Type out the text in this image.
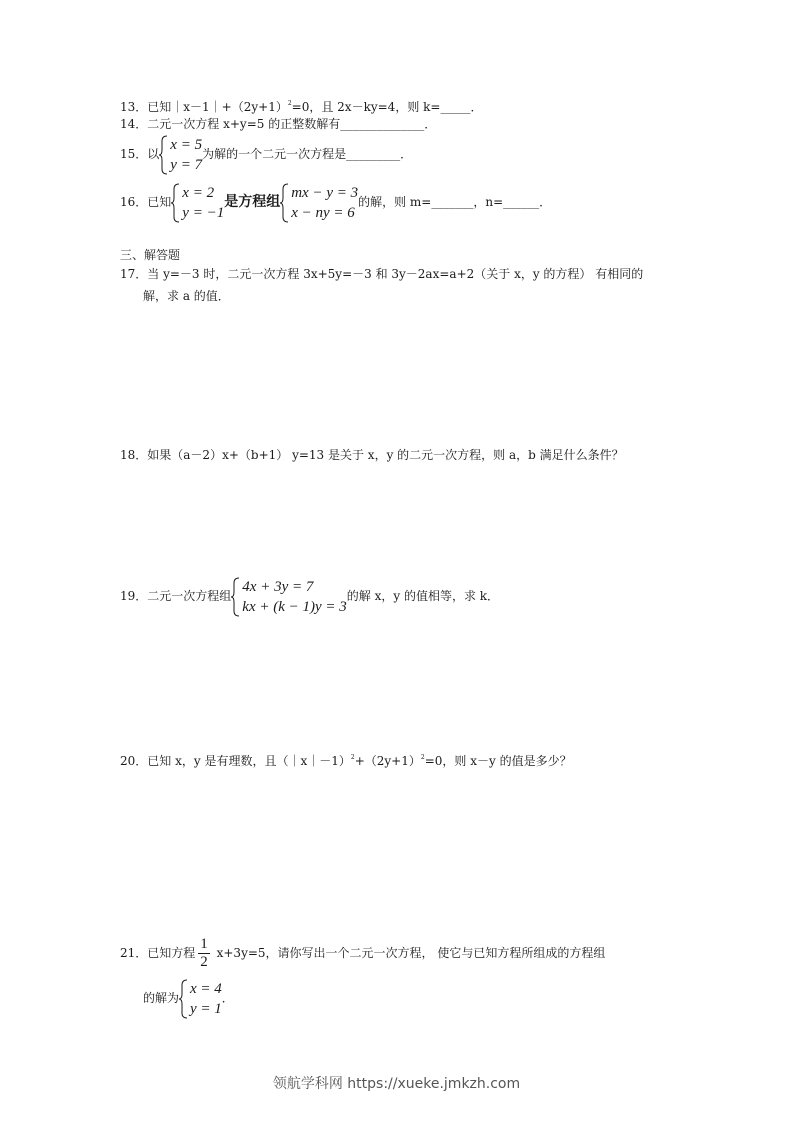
13．已知$|x-1|+(2y+1)^2=0$，且 2x－ky=4，则 k=_____．
14．二元一次方程 x+y=5 的正整数解有______________．
15．以
x = 5
y = 7
为解的一个二元一次方程是_________．
16．已知
x = 2
y = −1
是方程组
mx − y = 3
x − ny = 6
的解，则 m=_______，n=______．
三、解答题
17．当 y=－3 时，二元一次方程 3x+5y=－3 和 3y－2ax=a+2（关于 x，y 的方程） 有相同的
解，求 a 的值．
18．如果（a－2）x+（b+1） y=13 是关于 x，y 的二元一次方程，则 a，b 满足什么条件？
19．二元一次方程组
4x + 3y = 7
kx + (k − 1)y = 3
的解 x，y 的值相等，求 k．
20．已知 x，y 是有理数，且$(|x|-1)^2+(2y+1)^2=0$，则 x－y 的值是多少？
21．已知方程 $\frac{1}{2} x+3y=5$，请你写出一个二元一次方程， 使它与已知方程所组成的方程组
的解为
x = 4
y = 1
．
领航学科网 https://xueke.jmkzh.com
